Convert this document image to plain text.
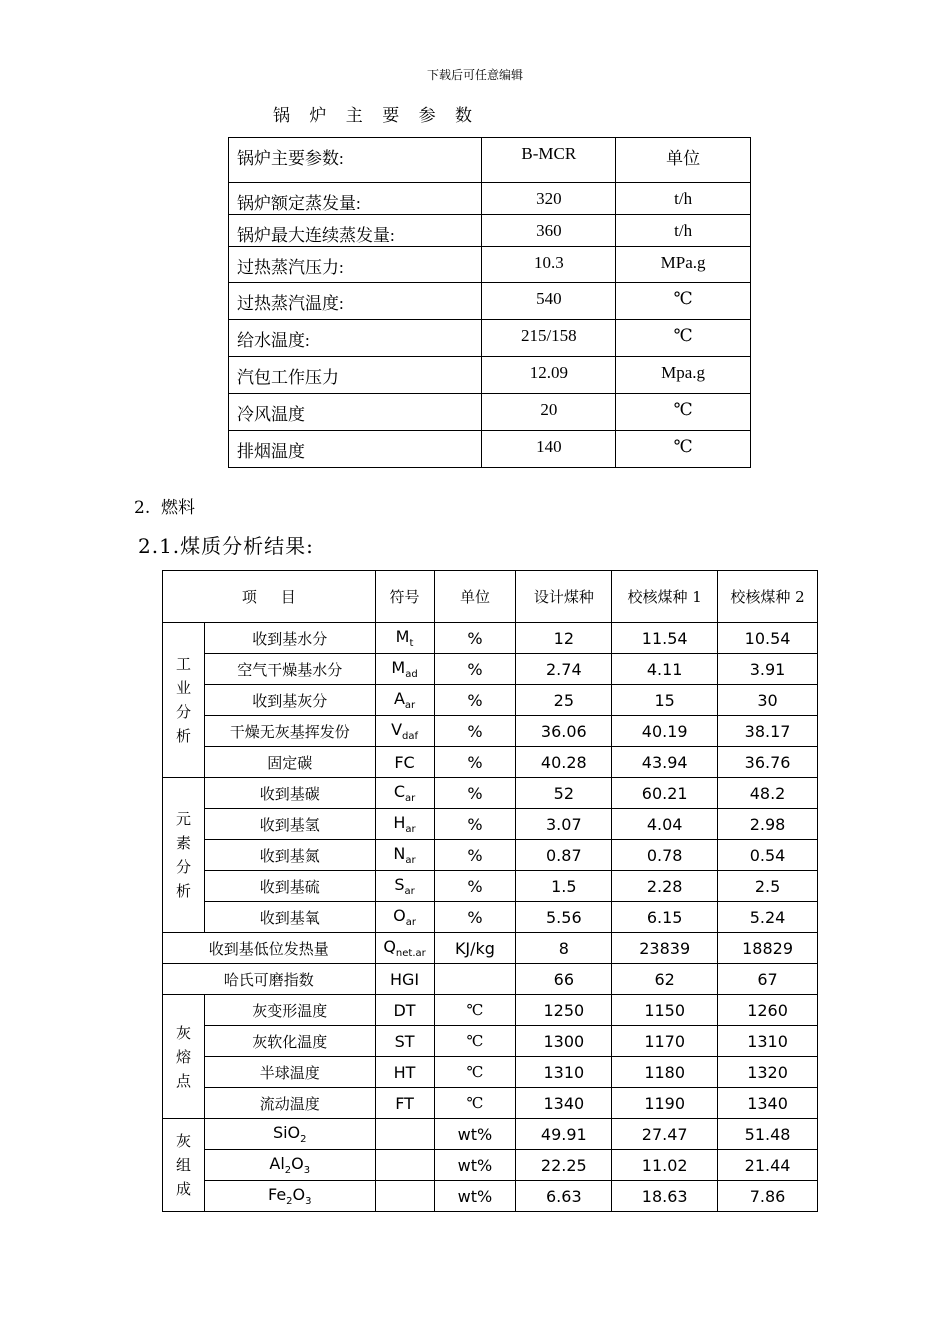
下载后可任意编辑
锅 炉 主 要 参 数
锅炉主要参数:	B-MCR	单位
锅炉额定蒸发量:	320	t/h
锅炉最大连续蒸发量:	360	t/h
过热蒸汽压力:	10.3	MPa.g
过热蒸汽温度:	540	℃
给水温度:	215/158	℃
汽包工作压力	12.09	Mpa.g
冷风温度	20	℃
排烟温度	140	℃
2.  燃料
2.1.煤质分析结果:
项     目		符号	单位	设计煤种	校核煤种 1	校核煤种 2
工
业
分
析	收到基水分	$M_t$	%	12	11.54	10.54
	空气干燥基水分	$M_{ad}$	%	2.74	4.11	3.91
	收到基灰分	$A_{ar}$	%	25	15	30
	干燥无灰基挥发份	$V_{daf}$	%	36.06	40.19	38.17
	固定碳	FC	%	40.28	43.94	36.76
元
素
分
析	收到基碳	$C_{ar}$	%	52	60.21	48.2
	收到基氢	$H_{ar}$	%	3.07	4.04	2.98
	收到基氮	$N_{ar}$	%	0.87	0.78	0.54
	收到基硫	$S_{ar}$	%	1.5	2.28	2.5
	收到基氧	$O_{ar}$	%	5.56	6.15	5.24
收到基低位发热量		$Q_{net.ar}$	KJ/kg	8	23839	18829
哈氏可磨指数		HGI		66	62	67
灰
熔
点	灰变形温度	DT	℃	1250	1150	1260
	灰软化温度	ST	℃	1300	1170	1310
	半球温度	HT	℃	1310	1180	1320
	流动温度	FT	℃	1340	1190	1340
灰
组
成	SiO$_2$		wt%	49.91	27.47	51.48
	$Al_2O_3$		wt%	22.25	11.02	21.44
	$Fe_2O_3$		wt%	6.63	18.63	7.86
